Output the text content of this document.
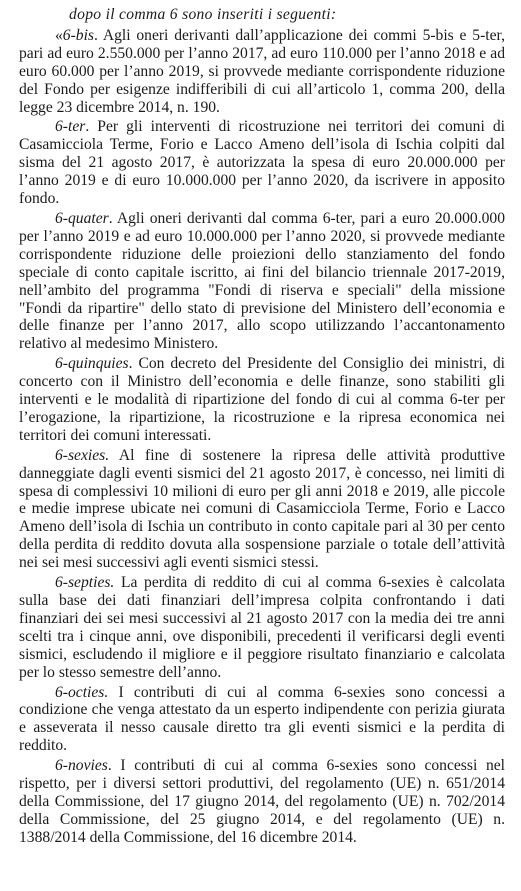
dopo il comma 6 sono inseriti i seguenti:

«6-bis. Agli oneri derivanti dall’applicazione dei commi 5-bis e 5-ter, pari ad euro 2.550.000 per l’anno 2017, ad euro 110.000 per l’anno 2018 e ad euro 60.000 per l’anno 2019, si provvede mediante corrispondente riduzione del Fondo per esigenze indifferibili di cui all’articolo 1, comma 200, della legge 23 dicembre 2014, n. 190.

6-ter. Per gli interventi di ricostruzione nei territori dei comuni di Casamicciola Terme, Forio e Lacco Ameno dell’isola di Ischia colpiti dal sisma del 21 agosto 2017, è autorizzata la spesa di euro 20.000.000 per l’anno 2019 e di euro 10.000.000 per l’anno 2020, da iscrivere in apposito fondo.

6-quater. Agli oneri derivanti dal comma 6-ter, pari a euro 20.000.000 per l’anno 2019 e ad euro 10.000.000 per l’anno 2020, si provvede mediante corrispondente riduzione delle proiezioni dello stanziamento del fondo speciale di conto capitale iscritto, ai fini del bilancio triennale 2017-2019, nell’ambito del programma "Fondi di riserva e speciali" della missione "Fondi da ripartire" dello stato di previsione del Ministero dell’economia e delle finanze per l’anno 2017, allo scopo utilizzando l’accantonamento relativo al medesimo Ministero.

6-quinquies. Con decreto del Presidente del Consiglio dei ministri, di concerto con il Ministro dell’economia e delle finanze, sono stabiliti gli interventi e le modalità di ripartizione del fondo di cui al comma 6-ter per l’erogazione, la ripartizione, la ricostruzione e la ripresa economica nei territori dei comuni interessati.

6-sexies. Al fine di sostenere la ripresa delle attività produttive danneggiate dagli eventi sismici del 21 agosto 2017, è concesso, nei limiti di spesa di complessivi 10 milioni di euro per gli anni 2018 e 2019, alle piccole e medie imprese ubicate nei comuni di Casamicciola Terme, Forio e Lacco Ameno dell’isola di Ischia un contributo in conto capitale pari al 30 per cento della perdita di reddito dovuta alla sospensione parziale o totale dell’attività nei sei mesi successivi agli eventi sismici stessi.

6-septies. La perdita di reddito di cui al comma 6-sexies è calcolata sulla base dei dati finanziari dell’impresa colpita confrontando i dati finanziari dei sei mesi successivi al 21 agosto 2017 con la media dei tre anni scelti tra i cinque anni, ove disponibili, precedenti il verificarsi degli eventi sismici, escludendo il migliore e il peggiore risultato finanziario e calcolata per lo stesso semestre dell’anno.

6-octies. I contributi di cui al comma 6-sexies sono concessi a condizione che venga attestato da un esperto indipendente con perizia giurata e asseverata il nesso causale diretto tra gli eventi sismici e la perdita di reddito.

6-novies. I contributi di cui al comma 6-sexies sono concessi nel rispetto, per i diversi settori produttivi, del regolamento (UE) n. 651/2014 della Commissione, del 17 giugno 2014, del regolamento (UE) n. 702/2014 della Commissione, del 25 giugno 2014, e del regolamento (UE) n. 1388/2014 della Commissione, del 16 dicembre 2014.
